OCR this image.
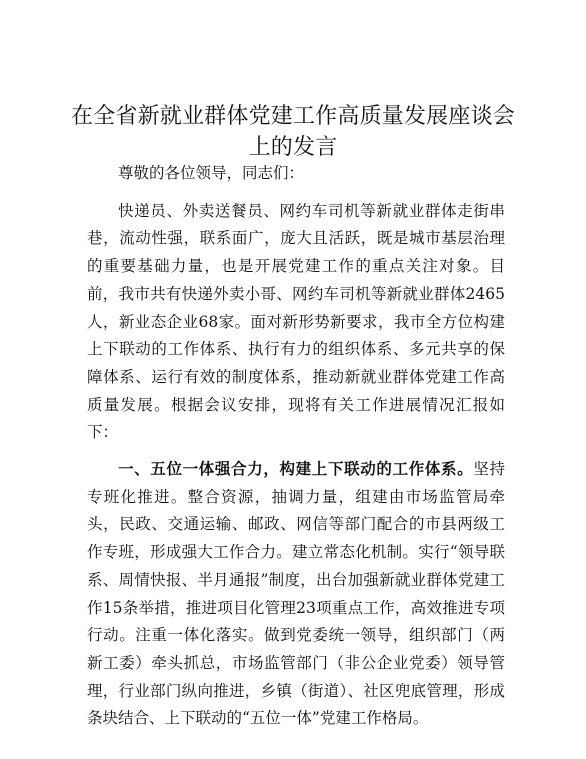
在全省新就业群体党建工作高质量发展座谈会上的发言

尊敬的各位领导，同志们：

快递员、外卖送餐员、网约车司机等新就业群体走街串巷，流动性强，联系面广，庞大且活跃，既是城市基层治理的重要基础力量，也是开展党建工作的重点关注对象。目前，我市共有快递外卖小哥、网约车司机等新就业群体2465人，新业态企业68家。面对新形势新要求，我市全方位构建上下联动的工作体系、执行有力的组织体系、多元共享的保障体系、运行有效的制度体系，推动新就业群体党建工作高质量发展。根据会议安排，现将有关工作进展情况汇报如下：

一、五位一体强合力，构建上下联动的工作体系。坚持专班化推进。整合资源，抽调力量，组建由市场监管局牵头，民政、交通运输、邮政、网信等部门配合的市县两级工作专班，形成强大工作合力。建立常态化机制。实行“领导联系、周情快报、半月通报”制度，出台加强新就业群体党建工作15条举措，推进项目化管理23项重点工作，高效推进专项行动。注重一体化落实。做到党委统一领导，组织部门（两新工委）牵头抓总，市场监管部门（非公企业党委）领导管理，行业部门纵向推进，乡镇（街道）、社区兜底管理，形成条块结合、上下联动的“五位一体”党建工作格局。
